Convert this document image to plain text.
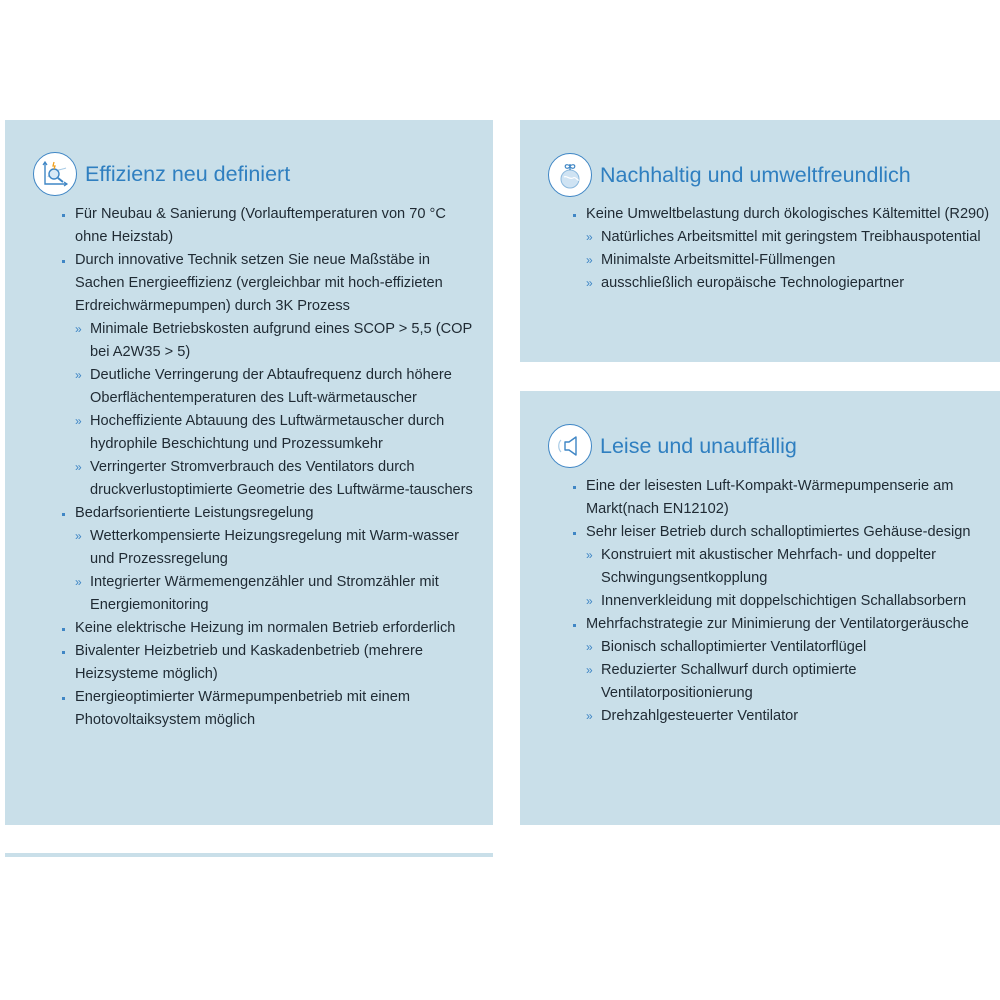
Effizienz neu definiert
Für Neubau & Sanierung (Vorlauftemperaturen von 70 °C ohne Heizstab)
Durch innovative Technik setzen Sie neue Maßstäbe in Sachen Energieeffizienz (vergleichbar mit hoch-effizieten Erdreichwärmepumpen) durch 3K Prozess
» Minimale Betriebskosten aufgrund eines SCOP > 5,5 (COP bei A2W35 > 5)
» Deutliche Verringerung der Abtaufrequenz durch höhere Oberflächentemperaturen des Luft-wärmetauscher
» Hocheffiziente Abtauung des Luftwärmetauscher durch hydrophile Beschichtung und Prozessumkehr
» Verringerter Stromverbrauch des Ventilators durch druckverlustoptimierte Geometrie des Luftwärme-tauschers
Bedarfsorientierte Leistungsregelung
» Wetterkompensierte Heizungsregelung mit Warm-wasser und Prozessregelung
» Integrierter Wärmemengenzähler und Stromzähler mit Energiemonitoring
Keine elektrische Heizung im normalen Betrieb erforderlich
Bivalenter Heizbetrieb und Kaskadenbetrieb (mehrere Heizsysteme möglich)
Energieoptimierter Wärmepumpenbetrieb mit einem Photovoltaiksystem möglich
Nachhaltig und umweltfreundlich
Keine Umweltbelastung durch ökologisches Kältemittel (R290)
» Natürliches Arbeitsmittel mit geringstem Treibhauspotential
» Minimalste Arbeitsmittel-Füllmengen
» ausschließlich europäische Technologiepartner
Leise und unauffällig
Eine der leisesten Luft-Kompakt-Wärmepumpenserie am Markt(nach EN12102)
Sehr leiser Betrieb durch schalloptimiertes Gehäuse-design
» Konstruiert mit akustischer Mehrfach- und doppelter Schwingungsentkopplung
» Innenverkleidung mit doppelschichtigen Schallabsorbern
Mehrfachstrategie zur Minimierung der Ventilatorgeräusche
» Bionisch schalloptimierter Ventilatorflügel
» Reduzierter Schallwurf durch optimierte Ventilatorpositionierung
» Drehzahlgesteuerter Ventilator
